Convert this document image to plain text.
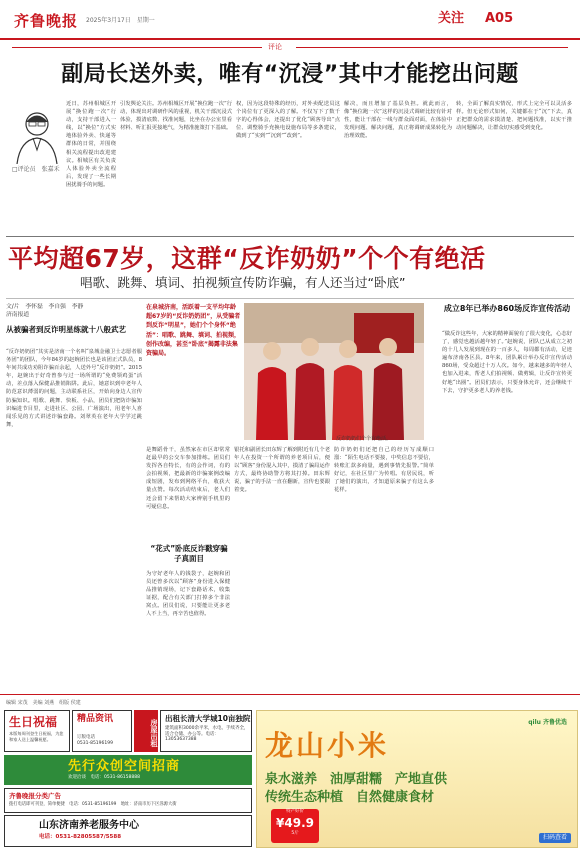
齐鲁晚报 2025年3月17日　星期一	关注 A05
评论
副局长送外卖，唯有“沉浸”其中才能挖出问题
□评论员　张嘉禾
近日，苏州相城区开展“换位跑一次”行动，支持干部进入一线，以“换位”方式实地体验外卖、快递等群体的日常，并围绕相关流程提出改进建议。相城区有关负责人体验外卖全流程后，发现了一些长期困扰骑手的问题。
引发舆论关注。苏州相城区开展“换位跑一次”行动，体现出对调研作风的重视，机关干部沉浸式体验，摸清底数、找准问题，比坐在办公室里看材料、听汇报更接地气，为精准施策打下基础。
权，因为这段特殊的经历，对外卖配送员这个岗位有了更深入的了解。不仅写下了数千字的心得体会，还提出了优化“顾客导出”点位、调整骑手充换电设施布局等多条建议，做到了“实到”“沉到”“改到”。
解决，而且增加了基层负担。就此而言，像“换位跑一次”这样的沉浸式调研比较有针对性，能让干部在一线与群众面对面，在体验中发现问题、解决问题，真正将调研成果转化为治理效能。
转，全面了解真实情况，形式上完全可以灵活多样。但无论形式如何，关键都在于“沉”下去，真正把群众的需求摸清楚、把问题找准，以实干推动问题解决，让群众切实感受到变化。
平均超67岁，这群“反诈奶奶”个个有绝活
唱歌、跳舞、填词、拍视频宣传防诈骗，有人还当过“卧底”
文/片　李怀磊　李自强　李静
济南报道
从被骗者到反诈明星练就十八般武艺
“反诈奶奶团”其实是济南一个名叫“泉城金融卫士志愿者服务团”的团队，今年84岁的赵婉团长也是该团正式队员，8年间共成功劝阻诈骗百余起，人送外号“反诈奶奶”。2015年，赵婉出于好奇曾参与过一场所谓的“免费领鸡蛋”活动，差点落入保健品推销陷阱。此后，她意识到中老年人防范意识薄弱的问题，主动联系社区，开始向身边人宣传防骗知识。唱歌、跳舞、快板、小品，团员们把防诈骗知识编进节目里，走进社区、公园、广场演出，用老年人喜闻乐见的方式讲述诈骗套路。刘翠英在老年大学学过跳舞，
在泉城济南，活跃着一支平均年龄超67岁的“反诈奶奶团”，从受骗者到反诈“明星”，她们个个身怀“绝活”：唱歌、跳舞、填词、拍视频，创作改编，甚至“卧底”揭露非法集资骗局。
反诈奶奶们个个有绝活。
是舞蹈骨干，虽然家在市区却常常赶最早的公交车参加排练。团员们发挥各自特长，有的会作词，有的会拍视频，把最新的诈骗案例改编成短剧，发布到网络平台，收获大量点赞。每次活动结束后，老人们还会留下来帮助大家辨别手机里的可疑信息。
“花式”卧底反诈戳穿骗子真面目
为守好老年人的钱袋子，赵婉和团员还曾多次以“顾客”身份进入保健品推销现场，记下套路话术，收集证据，配合有关部门打掉多个非法窝点。团员们说，只要能让更多老人不上当，再辛苦也值得。
银托和副团长田东辉了解到附近有几个老年人在投资一个所谓的养老项目后，便以“顾客”身份混入其中，摸清了骗局运作方式，最终协助警方将其打掉。田东辉说，骗子的手法一直在翻新，宣传也要跟着变。
防诈奶奶们还把自己的经历写成顺口溜：“陌生电话不要接，中奖信息不要信，转账汇款多商量，遇到事情先报警。”简单好记，在社区里广为传唱。有居民说，听了她们的演出，才知道原来骗子有这么多花样。
成立8年已举办860场反诈宣传活动
“做反诈这些年，大家的精神面貌有了很大变化，心态好了，感觉也越活越年轻了。”赵婉说，团队已从成立之初的十几人发展到现在的一百多人，每周都有活动，足迹遍布济南各区县。8年来，团队累计举办反诈宣传活动860场，受众超过十万人次。如今，越来越多的年轻人也加入进来，帮老人们拍视频、做剪辑，让反诈宣传更好地“出圈”。团员们表示，只要身体允许，还会继续干下去，守护更多老人的养老钱。
编辑 宋茂　美编 刘燕　组版 侯建
生日祝福
本版每周刊登生日祝福，为您和家人送上温馨祝愿。
精品资讯
订版电话
0531-85196199	房屋出租
出租长清大学城10亩独院
建筑面积3000余平米，水电、手续齐全，适合仓储、办公等。电话：13053637388
先行众创空间招商
欢迎洽谈　电话：0531-86158888
齐鲁晚报分类广告
拨打电话即可刊登，简单便捷　电话：0531-85196199　地址：济南市历下区泺源大街
山东济南养老服务中心
电话：0531-82805587/5588
龙山小米
泉水滋养　油厚甜糯　产地直供
传统生态种植　自然健康食材
特产好价
¥49.9
5斤
qilu 齐鲁优选
扫码查看
